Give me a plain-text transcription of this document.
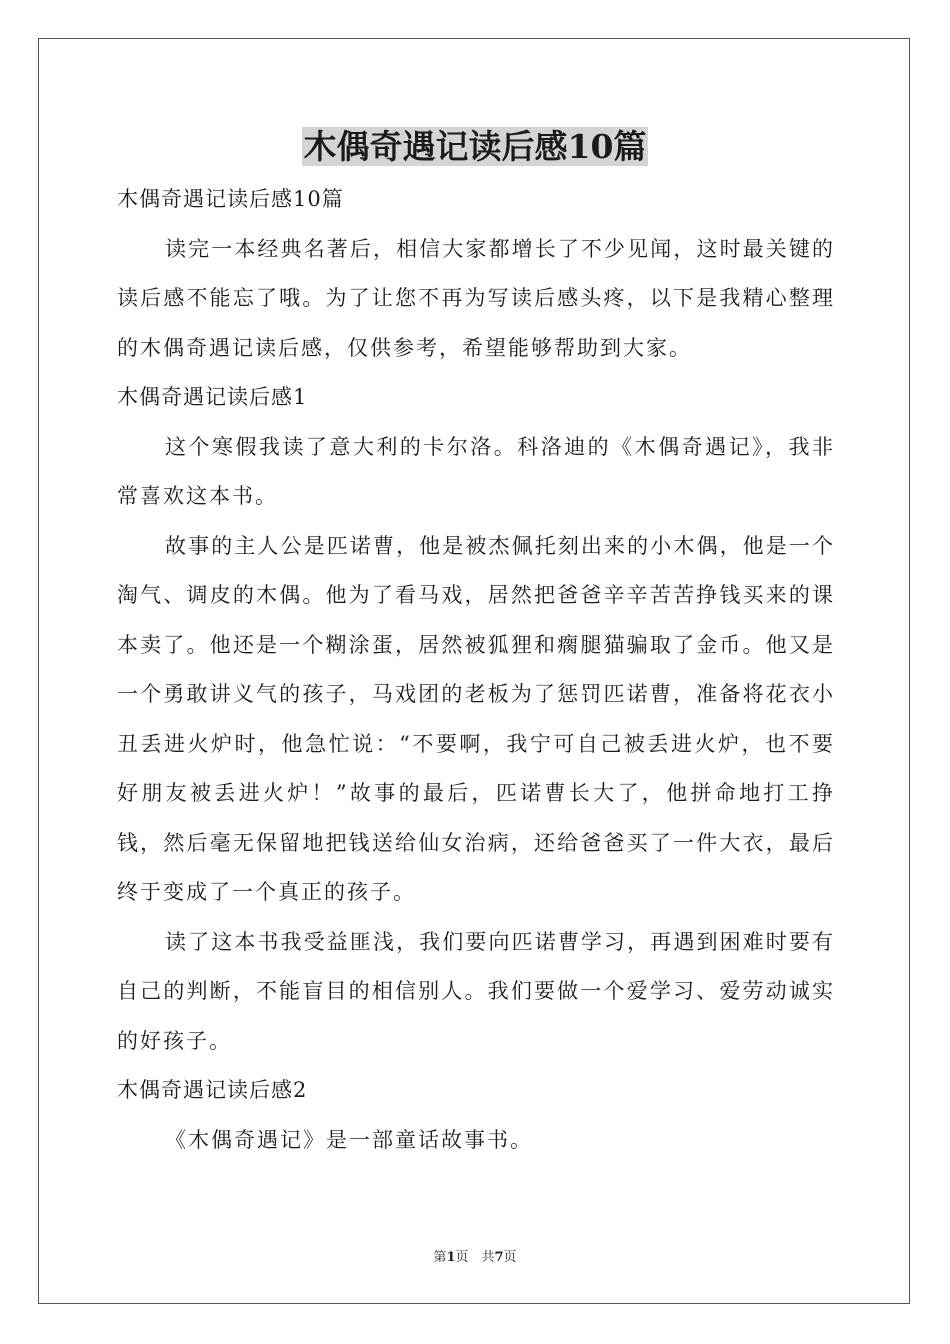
木偶奇遇记读后感10篇

木偶奇遇记读后感10篇

读完一本经典名著后，相信大家都增长了不少见闻，这时最关键的读后感不能忘了哦。为了让您不再为写读后感头疼，以下是我精心整理的木偶奇遇记读后感，仅供参考，希望能够帮助到大家。

木偶奇遇记读后感1

这个寒假我读了意大利的卡尔洛。科洛迪的《木偶奇遇记》，我非常喜欢这本书。

故事的主人公是匹诺曹，他是被杰佩托刻出来的小木偶，他是一个淘气、调皮的木偶。他为了看马戏，居然把爸爸辛辛苦苦挣钱买来的课本卖了。他还是一个糊涂蛋，居然被狐狸和瘸腿猫骗取了金币。他又是一个勇敢讲义气的孩子，马戏团的老板为了惩罚匹诺曹，准备将花衣小丑丢进火炉时，他急忙说：“不要啊，我宁可自己被丢进火炉，也不要好朋友被丢进火炉！”故事的最后，匹诺曹长大了，他拼命地打工挣钱，然后毫无保留地把钱送给仙女治病，还给爸爸买了一件大衣，最后终于变成了一个真正的孩子。

读了这本书我受益匪浅，我们要向匹诺曹学习，再遇到困难时要有自己的判断，不能盲目的相信别人。我们要做一个爱学习、爱劳动诚实的好孩子。

木偶奇遇记读后感2

《木偶奇遇记》是一部童话故事书。

第1页　共7页
